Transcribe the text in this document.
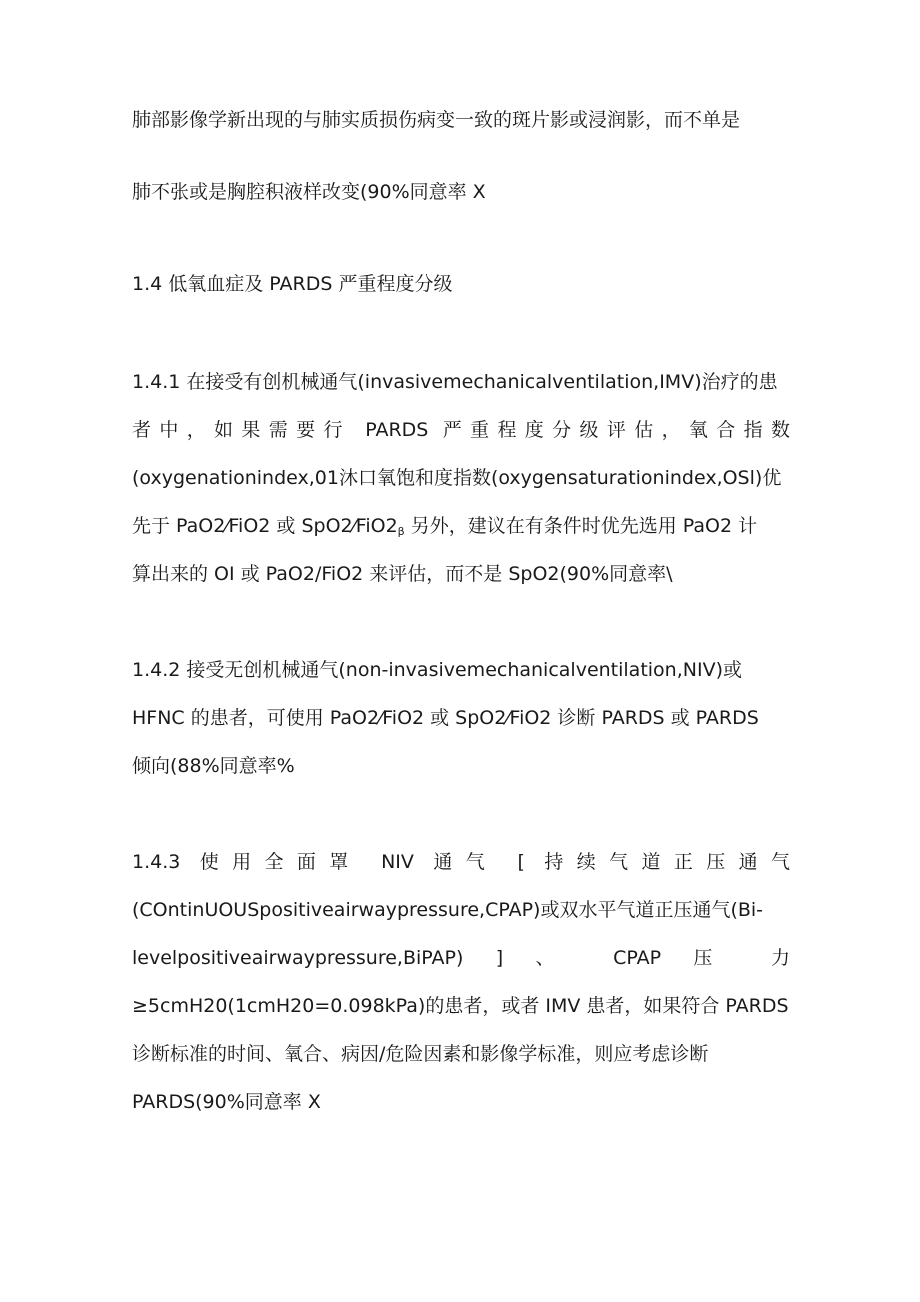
肺部影像学新出现的与肺实质损伤病变一致的斑片影或浸润影，而不单是

肺不张或是胸腔积液样改变(90%同意率 X

1.4 低氧血症及 PARDS 严重程度分级

1.4.1 在接受有创机械通气(invasivemechanicalventilation,IMV)治疗的患
者中，如果需要行 PARDS 严重程度分级评估，氧合指数
(oxygenationindex,01沐口氧饱和度指数(oxygensaturationindex,OSl)优
先于 PaO2⁄FiO2 或 $SpO2⁄FiO2_\beta$ 另外，建议在有条件时优先选用 PaO2 计
算出来的 OI 或 PaO2/FiO2 来评估，而不是 SpO2(90%同意率\
1.4.2 接受无创机械通气(non-invasivemechanicalventilation,NIV)或
HFNC 的患者，可使用 PaO2⁄FiO2 或 SpO2⁄FiO2 诊断 PARDS 或 PARDS
倾向(88%同意率%
1.4.3 使用全面罩 NIV 通气 [ 持续气道正压通气
(COntinUOUSpositiveairwaypressure,CPAP)或双水平气道正压通气(Bi-
levelpositiveairwaypressure,BiPAP) ] 、 CPAP 压 力
≥5cmH20(1cmH20=0.098kPa)的患者，或者 IMV 患者，如果符合 PARDS
诊断标准的时间、氧合、病因/危险因素和影像学标准，则应考虑诊断
PARDS(90%同意率 X
